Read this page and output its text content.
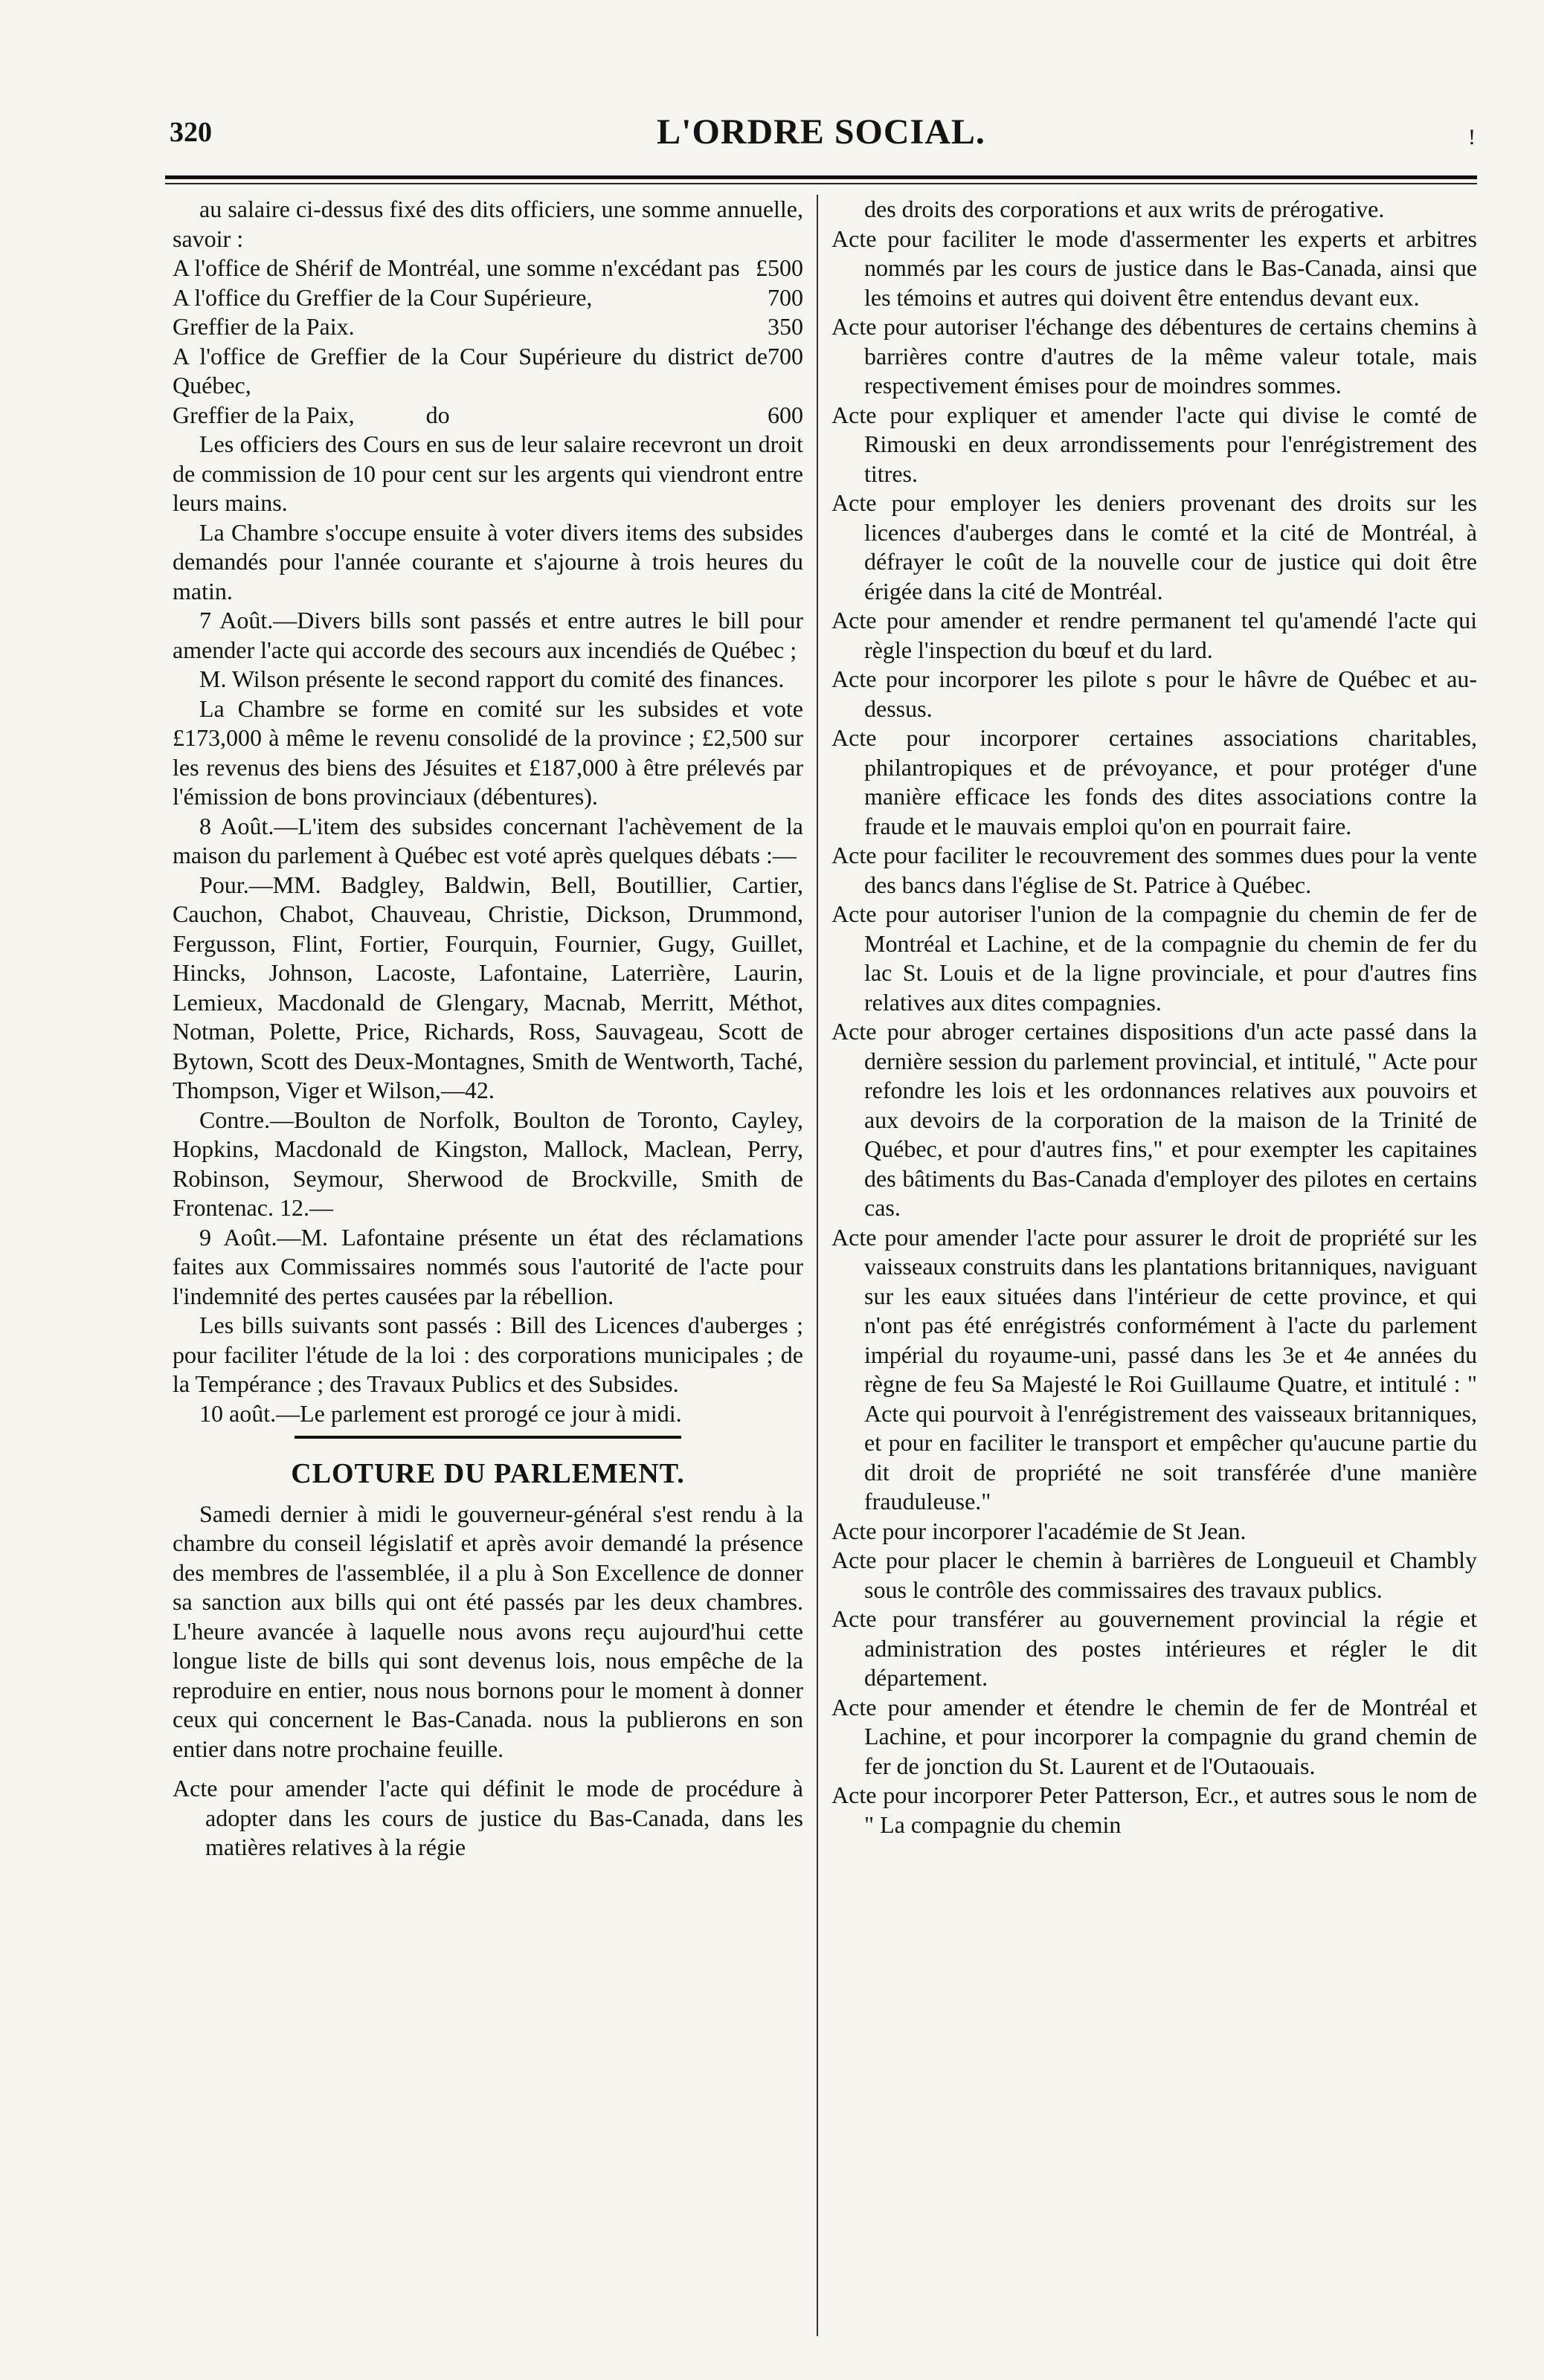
320	L'ORDRE SOCIAL.	!

au salaire ci-dessus fixé des dits officiers, une somme annuelle, savoir :

A l'office de Shérif de Montréal, une somme n'excédant pas £500
A l'office du Greffier de la Cour Supérieure,	700
Greffier de la Paix.	350
A l'office de Greffier de la Cour Supérieure du district de Québec,
700
Greffier de la Paix,            do	600

Les officiers des Cours en sus de leur salaire recevront un droit de commission de 10 pour cent sur les argents qui viendront entre leurs mains.

La Chambre s'occupe ensuite à voter divers items des subsides demandés pour l'année courante et s'ajourne à trois heures du matin.

7 Août.—Divers bills sont passés et entre autres le bill pour amender l'acte qui accorde des secours aux incendiés de Québec ;

M. Wilson présente le second rapport du comité des finances.

La Chambre se forme en comité sur les subsides et vote £173,000 à même le revenu consolidé de la province ; £2,500 sur les revenus des biens des Jésuites et £187,000 à être prélevés par l'émission de bons provinciaux (débentures).

8 Août.—L'item des subsides concernant l'achèvement de la maison du parlement à Québec est voté après quelques débats :—

Pour.—MM. Badgley, Baldwin, Bell, Boutillier, Cartier, Cauchon, Chabot, Chauveau, Christie, Dickson, Drummond, Fergusson, Flint, Fortier, Fourquin, Fournier, Gugy, Guillet, Hincks, Johnson, Lacoste, Lafontaine, Laterrière, Laurin, Lemieux, Macdonald de Glengary, Macnab, Merritt, Méthot, Notman, Polette, Price, Richards, Ross, Sauvageau, Scott de Bytown, Scott des Deux-Montagnes, Smith de Wentworth, Taché, Thompson, Viger et Wilson,—42.

Contre.—Boulton de Norfolk, Boulton de Toronto, Cayley, Hopkins, Macdonald de Kingston, Mallock, Maclean, Perry, Robinson, Seymour, Sherwood de Brockville, Smith de Frontenac. 12.—

9 Août.—M. Lafontaine présente un état des réclamations faites aux Commissaires nommés sous l'autorité de l'acte pour l'indemnité des pertes causées par la rébellion.

Les bills suivants sont passés : Bill des Licences d'auberges ; pour faciliter l'étude de la loi : des corporations municipales ; de la Tempérance ; des Travaux Publics et des Subsides.

10 août.—Le parlement est prorogé ce jour à midi.

CLOTURE DU PARLEMENT.

Samedi dernier à midi le gouverneur-général s'est rendu à la chambre du conseil législatif et après avoir demandé la présence des membres de l'assemblée, il a plu à Son Excellence de donner sa sanction aux bills qui ont été passés par les deux chambres. L'heure avancée à laquelle nous avons reçu aujourd'hui cette longue liste de bills qui sont devenus lois, nous empêche de la reproduire en entier, nous nous bornons pour le moment à donner ceux qui concernent le Bas-Canada. nous la publierons en son entier dans notre prochaine feuille.

Acte pour amender l'acte qui définit le mode de procédure à adopter dans les cours de justice du Bas-Canada, dans les matières relatives à la régie

des droits des corporations et aux writs de prérogative.

Acte pour faciliter le mode d'assermenter les experts et arbitres nommés par les cours de justice dans le Bas-Canada, ainsi que les témoins et autres qui doivent être entendus devant eux.

Acte pour autoriser l'échange des débentures de certains chemins à barrières contre d'autres de la même valeur totale, mais respectivement émises pour de moindres sommes.

Acte pour expliquer et amender l'acte qui divise le comté de Rimouski en deux arrondissements pour l'enrégistrement des titres.

Acte pour employer les deniers provenant des droits sur les licences d'auberges dans le comté et la cité de Montréal, à défrayer le coût de la nouvelle cour de justice qui doit être érigée dans la cité de Montréal.

Acte pour amender et rendre permanent tel qu'amendé l'acte qui règle l'inspection du bœuf et du lard.

Acte pour incorporer les pilote s pour le hâvre de Québec et au-dessus.

Acte pour incorporer certaines associations charitables, philantropiques et de prévoyance, et pour protéger d'une manière efficace les fonds des dites associations contre la fraude et le mauvais emploi qu'on en pourrait faire.

Acte pour faciliter le recouvrement des sommes dues pour la vente des bancs dans l'église de St. Patrice à Québec.

Acte pour autoriser l'union de la compagnie du chemin de fer de Montréal et Lachine, et de la compagnie du chemin de fer du lac St. Louis et de la ligne provinciale, et pour d'autres fins relatives aux dites compagnies.

Acte pour abroger certaines dispositions d'un acte passé dans la dernière session du parlement provincial, et intitulé, " Acte pour refondre les lois et les ordonnances relatives aux pouvoirs et aux devoirs de la corporation de la maison de la Trinité de Québec, et pour d'autres fins," et pour exempter les capitaines des bâtiments du Bas-Canada d'employer des pilotes en certains cas.

Acte pour amender l'acte pour assurer le droit de propriété sur les vaisseaux construits dans les plantations britanniques, naviguant sur les eaux situées dans l'intérieur de cette province, et qui n'ont pas été enrégistrés conformément à l'acte du parlement impérial du royaume-uni, passé dans les 3e et 4e années du règne de feu Sa Majesté le Roi Guillaume Quatre, et intitulé : " Acte qui pourvoit à l'enrégistrement des vaisseaux britanniques, et pour en faciliter le transport et empêcher qu'aucune partie du dit droit de propriété ne soit transférée d'une manière frauduleuse."

Acte pour incorporer l'académie de St Jean.

Acte pour placer le chemin à barrières de Longueuil et Chambly sous le contrôle des commissaires des travaux publics.

Acte pour transférer au gouvernement provincial la régie et administration des postes intérieures et régler le dit département.

Acte pour amender et étendre le chemin de fer de Montréal et Lachine, et pour incorporer la compagnie du grand chemin de fer de jonction du St. Laurent et de l'Outaouais.

Acte pour incorporer Peter Patterson, Ecr., et autres sous le nom de " La compagnie du chemin
